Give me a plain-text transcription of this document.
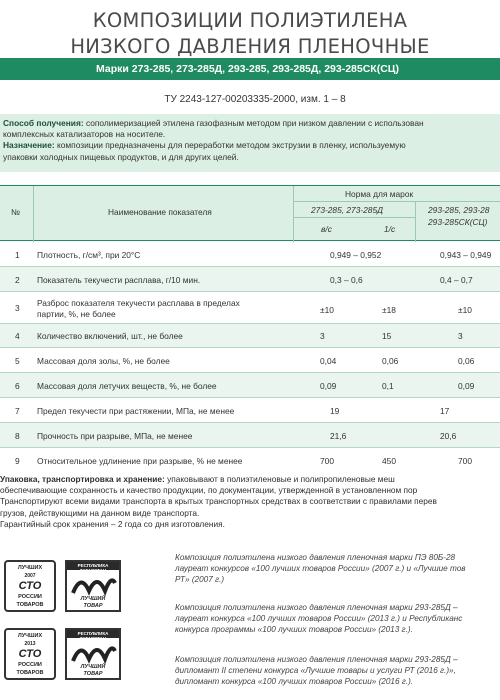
КОМПОЗИЦИИ ПОЛИЭТИЛЕНА
НИЗКОГО ДАВЛЕНИЯ ПЛЕНОЧНЫЕ
Марки 273-285, 273-285Д, 293-285, 293-285Д, 293-285СК(СЦ)
ТУ 2243-127-00203335-2000, изм. 1 – 8
Способ получения: сополимеризацией этилена газофазным методом при низком давлении с использован
комплексных катализаторов на носителе.
Назначение: композиции предназначены для переработки методом экструзии в пленку, используемую
упаковки холодных пищевых продуктов, и для других целей.
№	Наименование показателя
Норма для марок
273-285, 273-285Д	293-285, 293-28
293-285СК(СЦ)
в/с	1/с
1 Плотность, г/см³, при 20°С	0,949 – 0,952	0,943 – 0,949
2 Показатель текучести расплава, г/10 мин.	0,3 – 0,6	0,4 – 0,7
3 Разброс показателя текучести расплава в пределах
партии, %, не более	±10	±18	±10
4 Количество включений, шт., не более	3	15	3
5 Массовая доля золы, %, не более	0,04	0,06	0,06
6 Массовая доля летучих веществ, %, не более	0,09	0,1	0,09
7 Предел текучести при растяжении, МПа, не менее	19	17
8 Прочность при разрыве, МПа, не менее	21,6	20,6
9 Относительное удлинение при разрыве, % не менее	700	450	700
Упаковка, транспортировка и хранение: упаковывают в полиэтиленовые и полипропиленовые меш
обеспечивающие сохранность и качество продукции, по документации, утвержденной в установленном пор
Транспортируют всеми видами транспорта в крытых транспортных средствах в соответствии с правилами перев
грузов, действующими на данном виде транспорта.
Гарантийный срок хранения – 2 года со дня изготовления.
ЛУЧШИХ
2007
СТО
РОССИИ
ТОВАРОВ
РЕСПУБЛИКА ТАТАРСТАН
ЛУЧШИЙ
ТОВАР
ЛУЧШИХ
2013
СТО
РОССИИ
ТОВАРОВ
РЕСПУБЛИКА ТАТАРСТАН
ЛУЧШИЙ
ТОВАР
Композиция полиэтилена низкого давления пленочная марки ПЭ 80Б-28
лауреат конкурсов «100 лучших товаров России» (2007 г.) и «Лучшие тов
РТ» (2007 г.)
Композиция полиэтилена низкого давления пленочная марки 293-285Д –
лауреат конкурса «100 лучших товаров России» (2013 г.) и Республиканс
конкурса программы «100 лучших товаров России» (2013 г.).
Композиция полиэтилена низкого давления пленочная марки 293-285Д –
дипломант II степени конкурса «Лучшие товары и услуги РТ (2016 г.)»,
дипломант конкурса «100 лучших товаров России» (2016 г.).
